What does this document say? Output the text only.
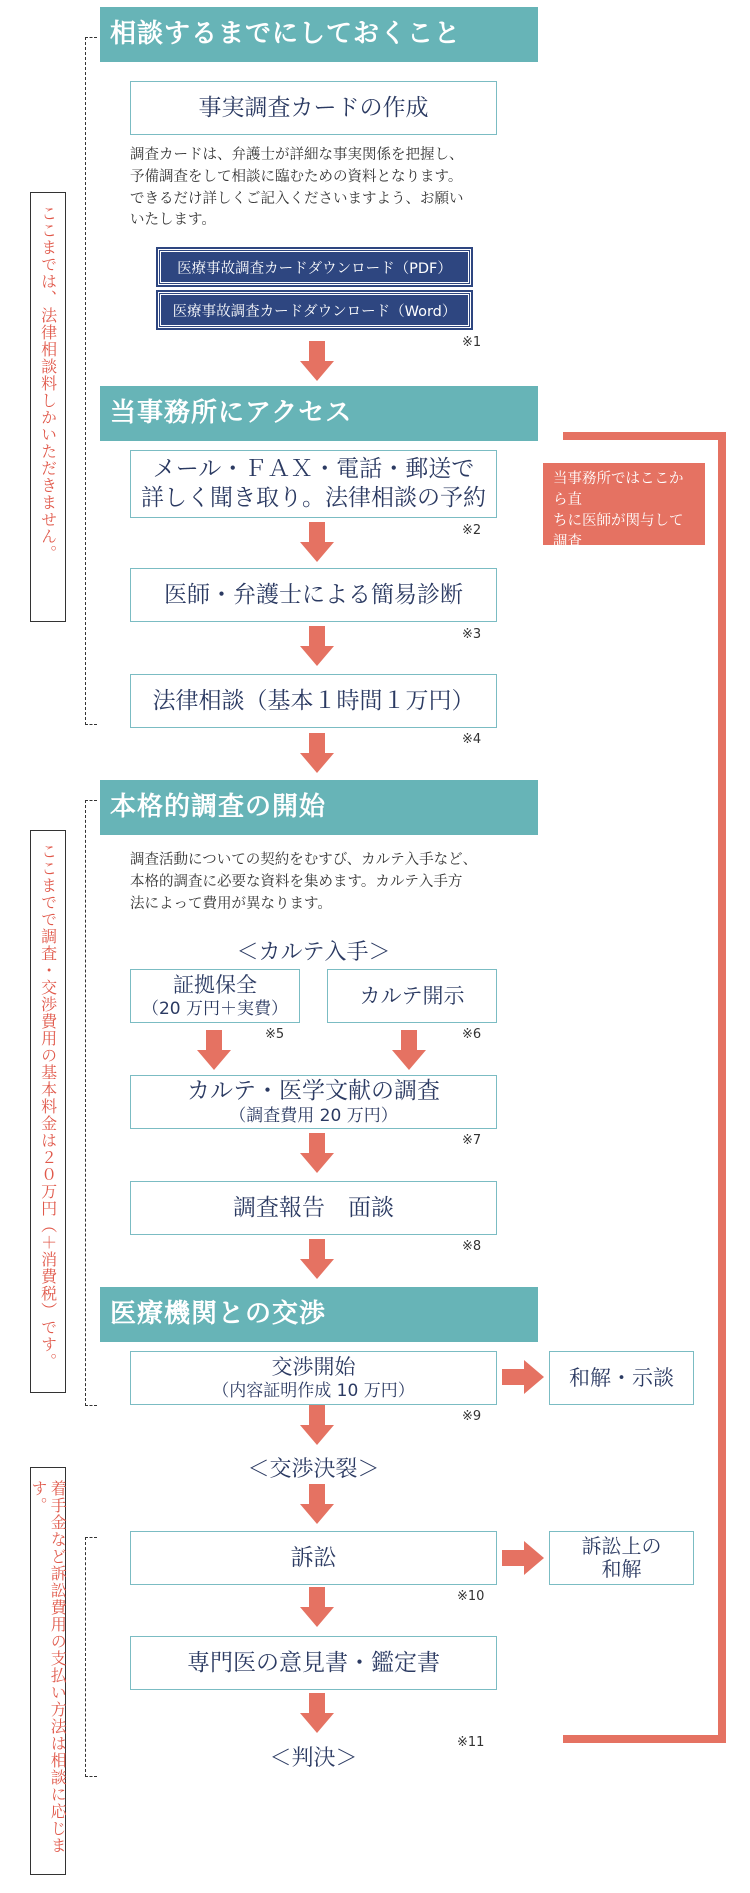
ここまでは、法律相談料しかいただきません。
ここまでで調査・交渉費用の基本料金は２０万円（＋消費税）です。
着手金など訴訟費用の支払い方法は相談に応じます。
相談するまでにしておくこと
事実調査カードの作成
調査カードは、弁護士が詳細な事実関係を把握し、
予備調査をして相談に臨むための資料となります。
できるだけ詳しくご記入くださいますよう、お願い
いたします。
医療事故調査カードダウンロード（PDF）
医療事故調査カードダウンロード（Word）
※1
当事務所にアクセス
メール・ＦＡＸ・電話・郵送で
詳しく聞き取り。法律相談の予約
※2
医師・弁護士による簡易診断
※3
法律相談（基本１時間１万円）
※4
当事務所ではここから直
ちに医師が関与して調査
を開始します。
本格的調査の開始
調査活動についての契約をむすび、カルテ入手など、
本格的調査に必要な資料を集めます。カルテ入手方
法によって費用が異なります。
＜カルテ入手＞
証拠保全
（20 万円＋実費）
※5
カルテ開示
※6
カルテ・医学文献の調査
（調査費用 20 万円）
※7
調査報告　面談
※8
医療機関との交渉
交渉開始
（内容証明作成 10 万円）
※9
和解・示談
＜交渉決裂＞
訴訟
※10
訴訟上の
和解
専門医の意見書・鑑定書
＜判決＞
※11
